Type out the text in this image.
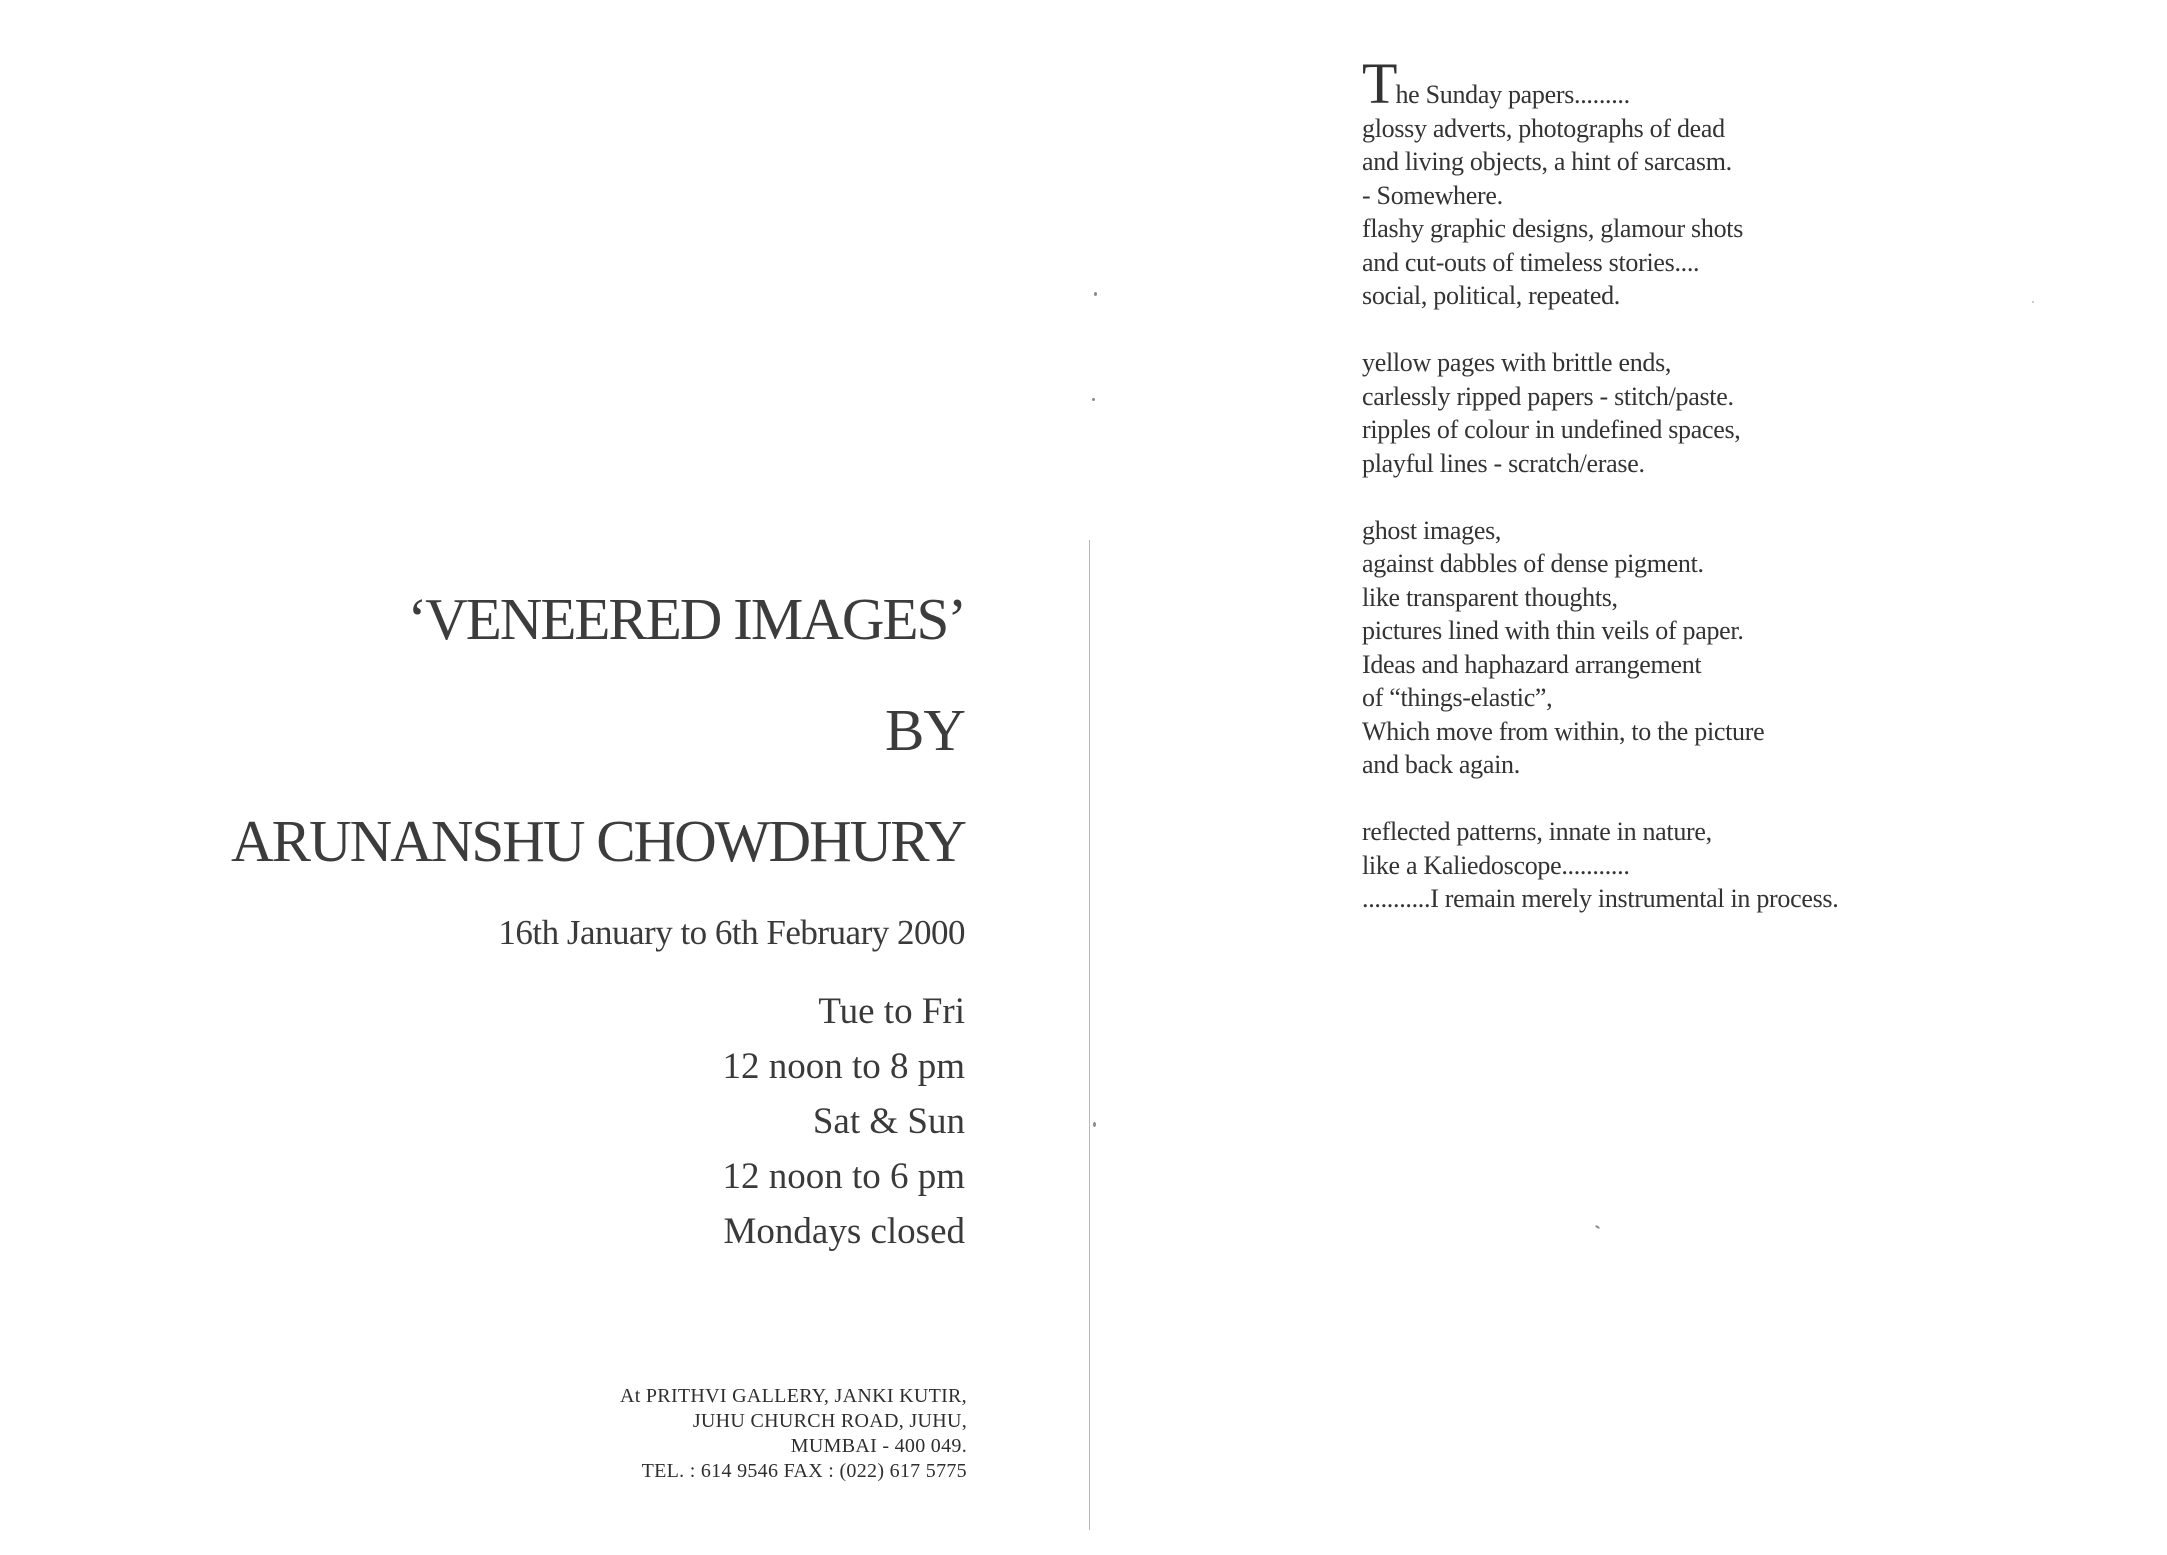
‘VENEERED IMAGES’
BY
ARUNANSHU CHOWDHURY
16th January to 6th February 2000
Tue to Fri
12 noon to 8 pm
Sat & Sun
12 noon to 6 pm
Mondays closed
At PRITHVI GALLERY, JANKI KUTIR,
JUHU CHURCH ROAD, JUHU,
MUMBAI - 400 049.
TEL. : 614 9546 FAX : (022) 617 5775
The Sunday papers.........
glossy adverts, photographs of dead
and living objects, a hint of sarcasm.
- Somewhere.
flashy graphic designs, glamour shots
and cut-outs of timeless stories....
social, political, repeated.
yellow pages with brittle ends,
carlessly ripped papers - stitch/paste.
ripples of colour in undefined spaces,
playful lines - scratch/erase.
ghost images,
against dabbles of dense pigment.
like transparent thoughts,
pictures lined with thin veils of paper.
Ideas and haphazard arrangement
of “things-elastic”,
Which move from within, to the picture
and back again.
reflected patterns, innate in nature,
like a Kaliedoscope...........
...........I remain merely instrumental in process.
